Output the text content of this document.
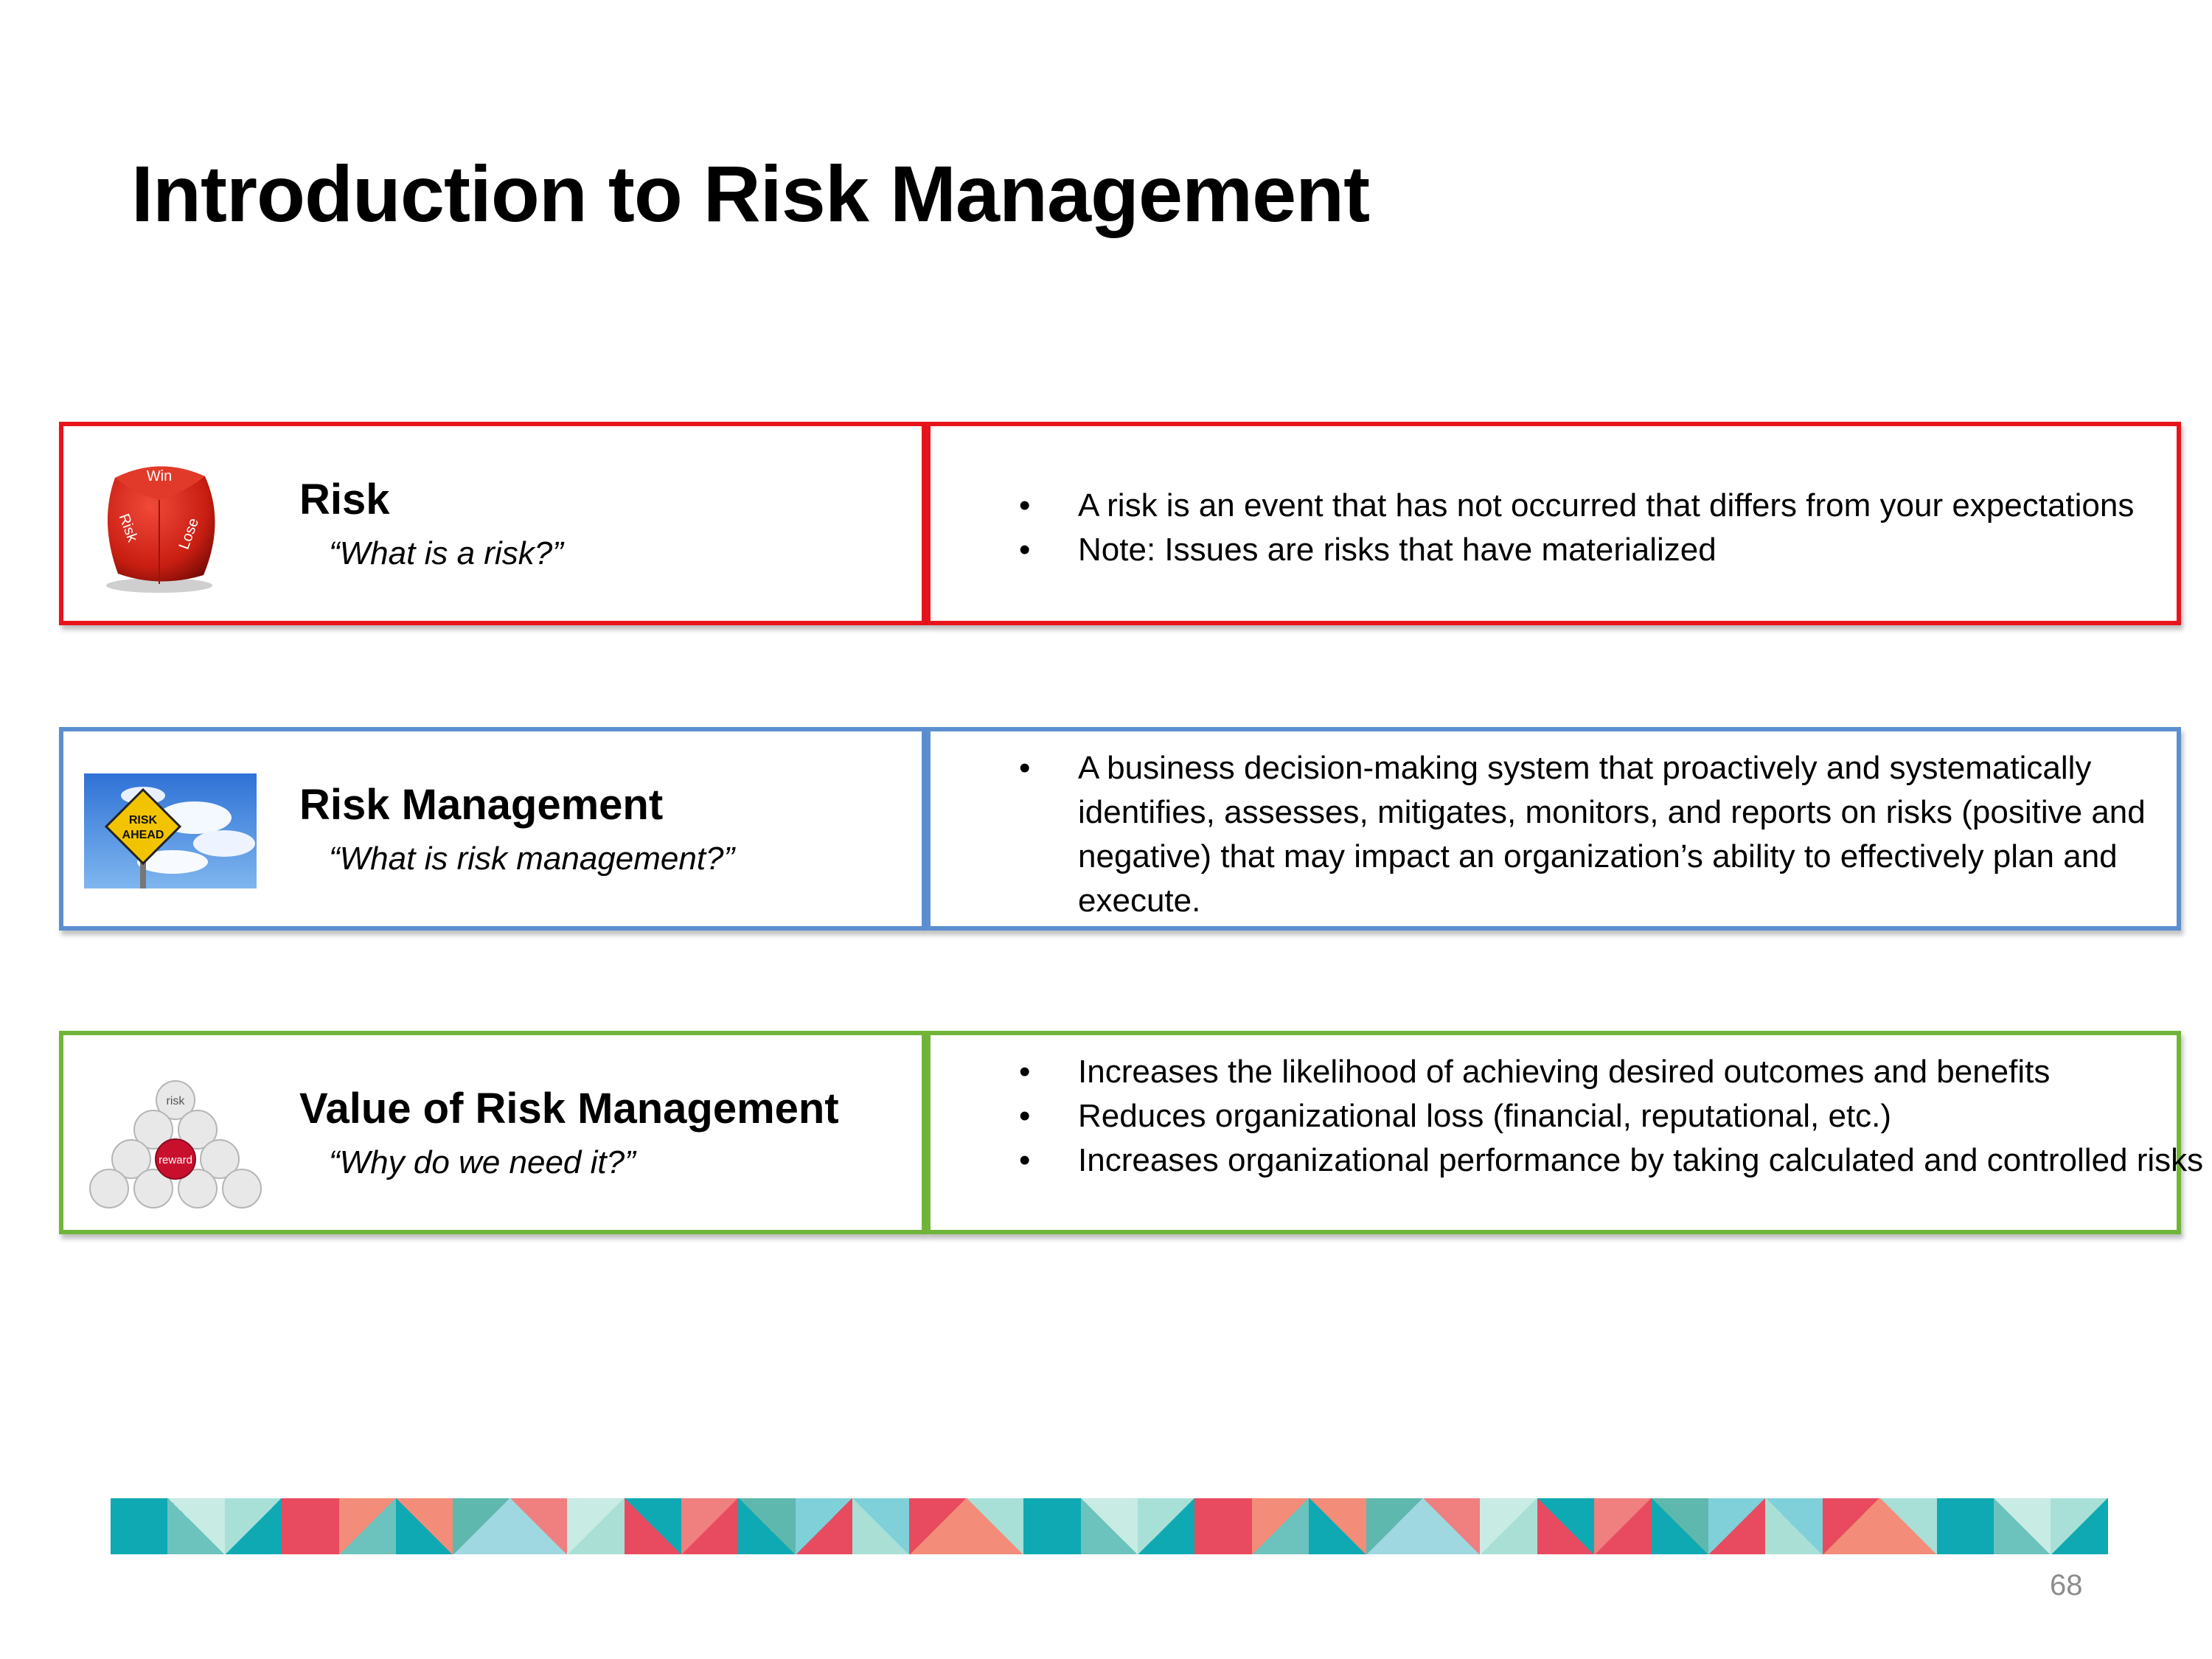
Introduction to Risk Management
Win
Risk Lose
Risk
“What is a risk?”
• A risk is an event that has not occurred that differs from your expectations
• Note: Issues are risks that have materialized
RISK
AHEAD
Risk Management
“What is risk management?”
• A business decision-making system that proactively and systematically identifies, assesses, mitigates, monitors, and reports on risks (positive and negative) that may impact an organization’s ability to effectively plan and execute.
reward
risk	Value of Risk Management
“Why do we need it?”
• Increases the likelihood of achieving desired outcomes and benefits
• Reduces organizational loss (financial, reputational, etc.)
• Increases organizational performance by taking calculated and controlled risks
68
